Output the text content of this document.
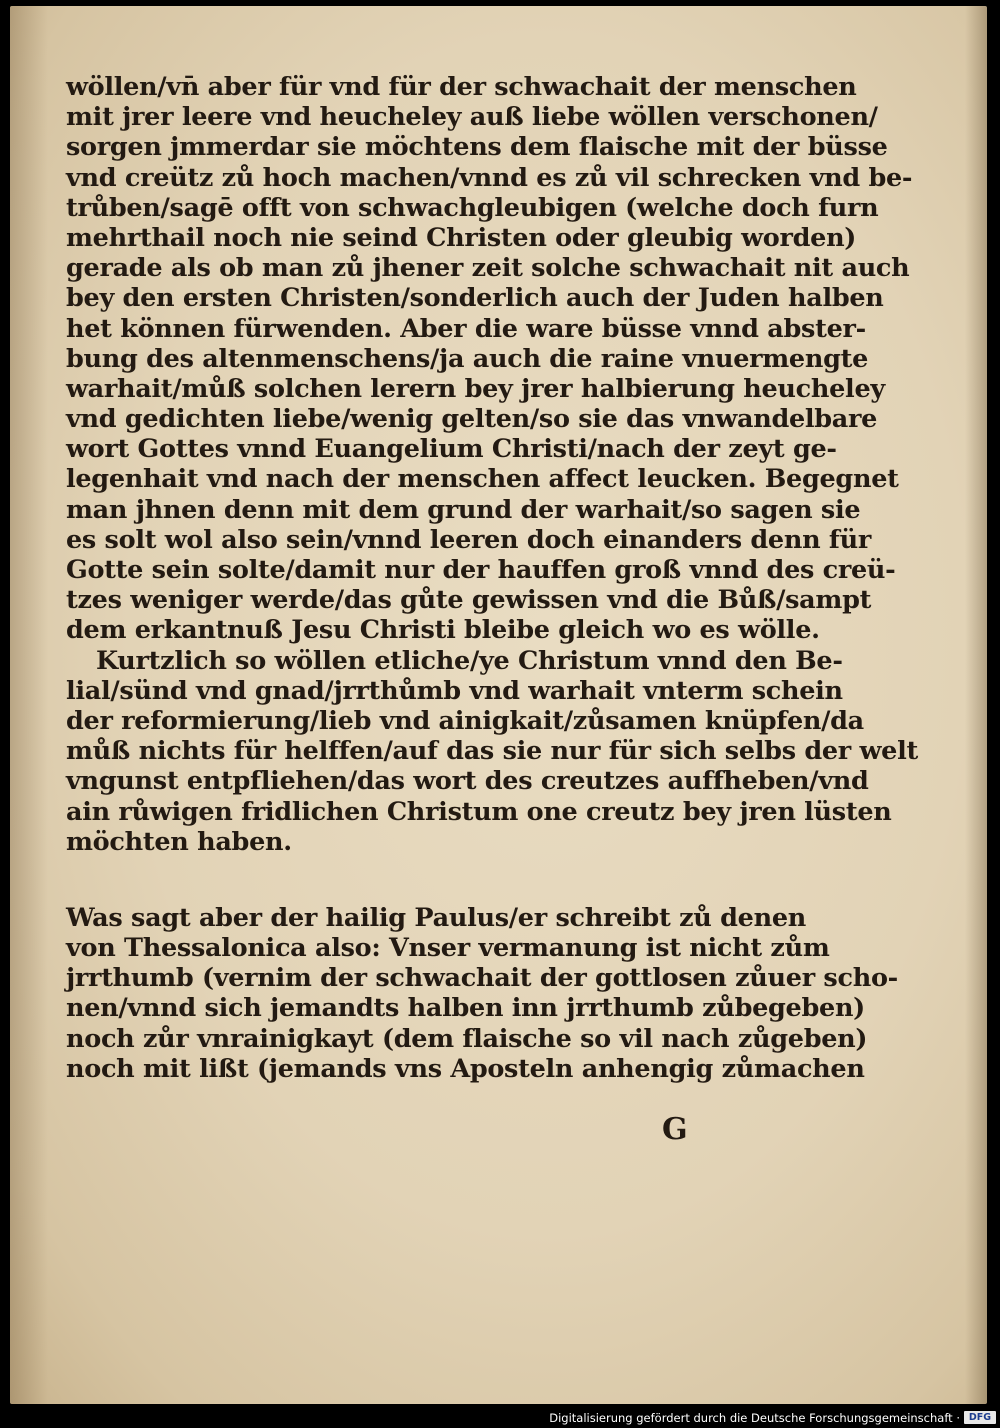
wöllen/vn̄ aber für vnd für der schwachait der menschen
mit jrer leere vnd heucheley auß liebe wöllen verschonen/
sorgen jmmerdar sie möchtens dem flaische mit der büsse
vnd creütz zů hoch machen/vnnd es zů vil schrecken vnd be-
trůben/sagē offt von schwachgleubigen (welche doch furn
mehrthail noch nie seind Christen oder gleubig worden)
gerade als ob man zů jhener zeit solche schwachait nit auch
bey den ersten Christen/sonderlich auch der Juden halben
het können fürwenden. Aber die ware büsse vnnd abster-
bung des altenmenschens/ja auch die raine vnuermengte
warhait/můß solchen lerern bey jrer halbierung heucheley
vnd gedichten liebe/wenig gelten/so sie das vnwandelbare
wort Gottes vnnd Euangelium Christi/nach der zeyt ge-
legenhait vnd nach der menschen affect leucken. Begegnet
man jhnen denn mit dem grund der warhait/so sagen sie
es solt wol also sein/vnnd leeren doch einanders denn für
Gotte sein solte/damit nur der hauffen groß vnnd des creü-
tzes weniger werde/das gůte gewissen vnd die Bůß/sampt
dem erkantnuß Jesu Christi bleibe gleich wo es wölle.
Kurtzlich so wöllen etliche/ye Christum vnnd den Be-
lial/sünd vnd gnad/jrrthůmb vnd warhait vnterm schein
der reformierung/lieb vnd ainigkait/zůsamen knüpfen/da
můß nichts für helffen/auf das sie nur für sich selbs der welt
vngunst entpfliehen/das wort des creutzes auffheben/vnd
ain růwigen fridlichen Christum one creutz bey jren lüsten
möchten haben.
Was sagt aber der hailig Paulus/er schreibt zů denen
von Thessalonica also: Vnser vermanung ist nicht zům
jrrthumb (vernim der schwachait der gottlosen zůuer scho-
nen/vnnd sich jemandts halben inn jrrthumb zůbegeben)
noch zůr vnrainigkayt (dem flaische so vil nach zůgeben)
noch mit lißt (jemands vns Aposteln anhengig zůmachen
G
Digitalisierung gefördert durch die Deutsche Forschungsgemeinschaft · DFG
